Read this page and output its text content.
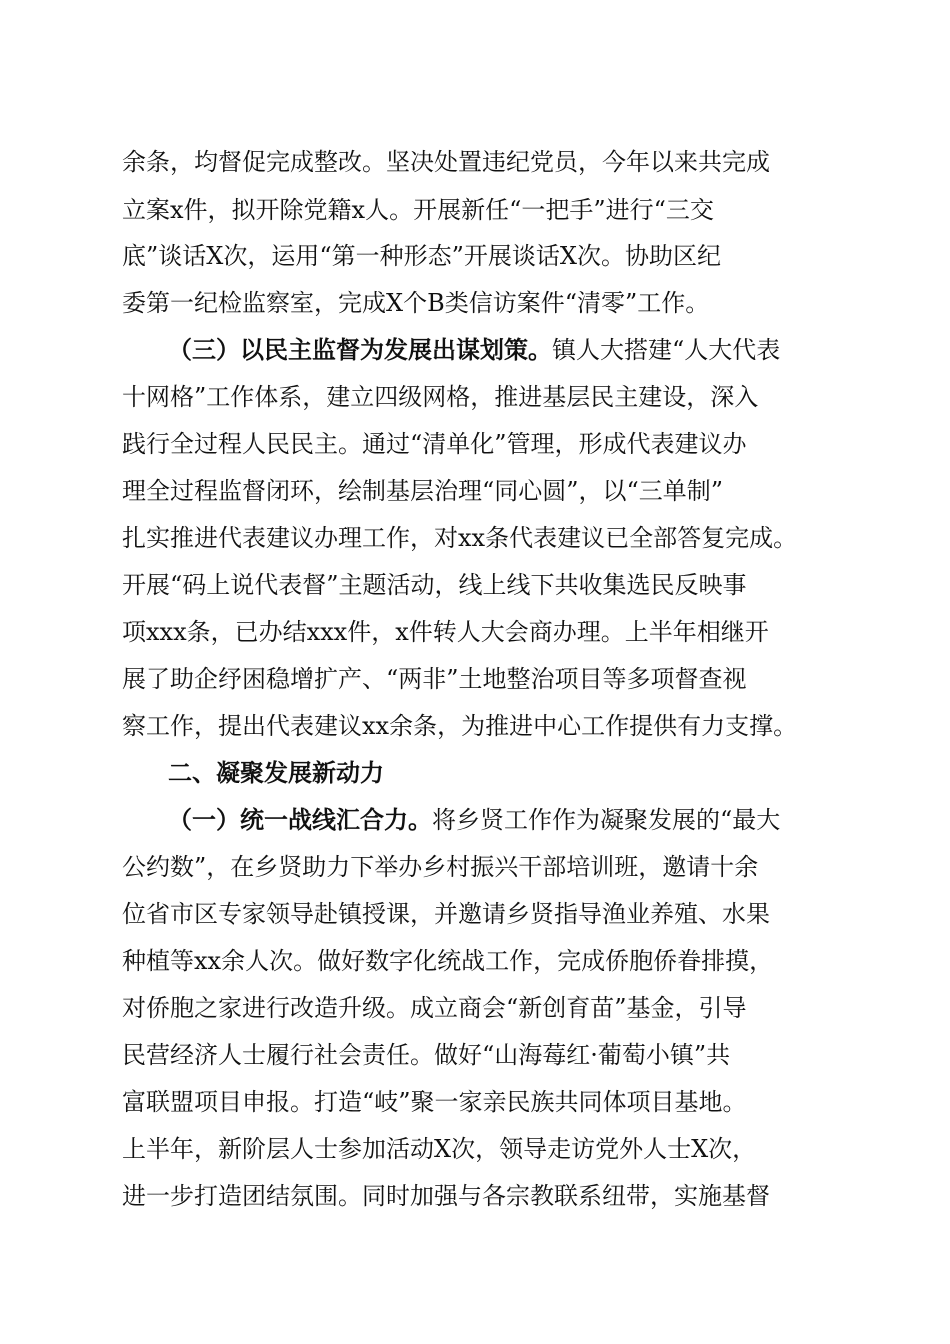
余条，均督促完成整改。坚决处置违纪党员，今年以来共完成
立案x件，拟开除党籍x人。开展新任“一把手”进行“三交
底”谈话X次，运用“第一种形态”开展谈话X次。协助区纪
委第一纪检监察室，完成X个B类信访案件“清零”工作。
（三）以民主监督为发展出谋划策。镇人大搭建“人大代表
十网格”工作体系，建立四级网格，推进基层民主建设，深入
践行全过程人民民主。通过“清单化”管理，形成代表建议办
理全过程监督闭环，绘制基层治理“同心圆”，以“三单制”
扎实推进代表建议办理工作，对xx条代表建议已全部答复完成。
开展“码上说代表督”主题活动，线上线下共收集选民反映事
项xxx条，已办结xxx件，x件转人大会商办理。上半年相继开
展了助企纾困稳增扩产、“两非”土地整治项目等多项督查视
察工作，提出代表建议xx余条，为推进中心工作提供有力支撑。
二、凝聚发展新动力
（一）统一战线汇合力。将乡贤工作作为凝聚发展的“最大
公约数”，在乡贤助力下举办乡村振兴干部培训班，邀请十余
位省市区专家领导赴镇授课，并邀请乡贤指导渔业养殖、水果
种植等xx余人次。做好数字化统战工作，完成侨胞侨眷排摸，
对侨胞之家进行改造升级。成立商会“新创育苗”基金，引导
民营经济人士履行社会责任。做好“山海莓红·葡萄小镇”共
富联盟项目申报。打造“岐”聚一家亲民族共同体项目基地。
上半年，新阶层人士参加活动X次，领导走访党外人士X次，
进一步打造团结氛围。同时加强与各宗教联系纽带，实施基督
